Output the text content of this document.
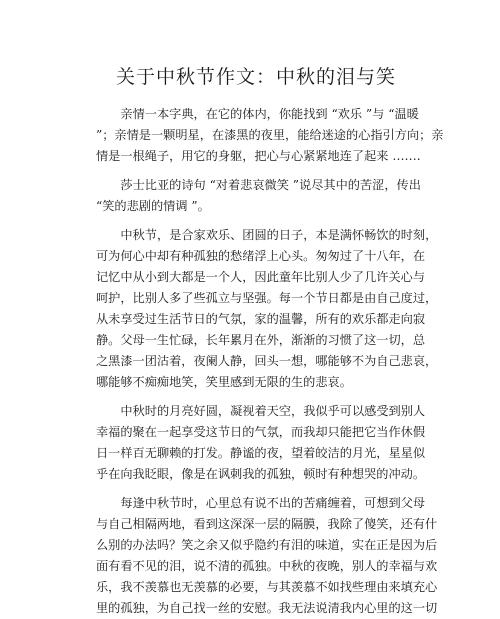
关于中秋节作文：中秋的泪与笑

亲情一本字典，在它的体内，你能找到 “欢乐 ”与 “温暖
”；亲情是一颗明星，在漆黑的夜里，能给迷途的心指引方向；亲
情是一根绳子，用它的身躯，把心与心紧紧地连了起来 …….

莎士比亚的诗句 “对着悲哀微笑 ”说尽其中的苦涩，传出
“笑的悲剧的情调 ”。

中秋节，是合家欢乐、团圆的日子，本是满怀畅饮的时刻，
可为何心中却有种孤独的愁绪浮上心头。匆匆过了十八年，在
记忆中从小到大都是一个人，因此童年比别人少了几许关心与
呵护，比别人多了些孤立与坚强。每一个节日都是由自己度过，
从未享受过生活节日的气氛，家的温馨，所有的欢乐都走向寂
静。父母一生忙碌，长年累月在外，渐渐的习惯了这一切，总
之黑漆一团沽着，夜阑人静，回头一想，哪能够不为自己悲哀，
哪能够不痴痴地笑，笑里感到无限的生的悲哀。

中秋时的月亮好圆，凝视着天空，我似乎可以感受到别人
幸福的聚在一起享受这节日的气氛，而我却只能把它当作休假
日一样百无聊赖的打发。静谧的夜，望着皎洁的月光，星星似
乎在向我眨眼，像是在讽刺我的孤独，顿时有种想哭的冲动。

每逢中秋节时，心里总有说不出的苦痛缠着，可想到父母
与自己相隔两地，看到这深深一层的隔膜，我除了傻笑，还有什
么别的办法吗？笑之余又似乎隐约有泪的味道，实在正是因为后
面有看不见的泪，说不清的孤独。中秋的夜晚，别人的幸福与欢
乐，我不羡慕也无羡慕的必要，与其羡慕不如找些理由来填充心
里的孤独，为自己找一丝的安慰。我无法说清我内心里的这一切
